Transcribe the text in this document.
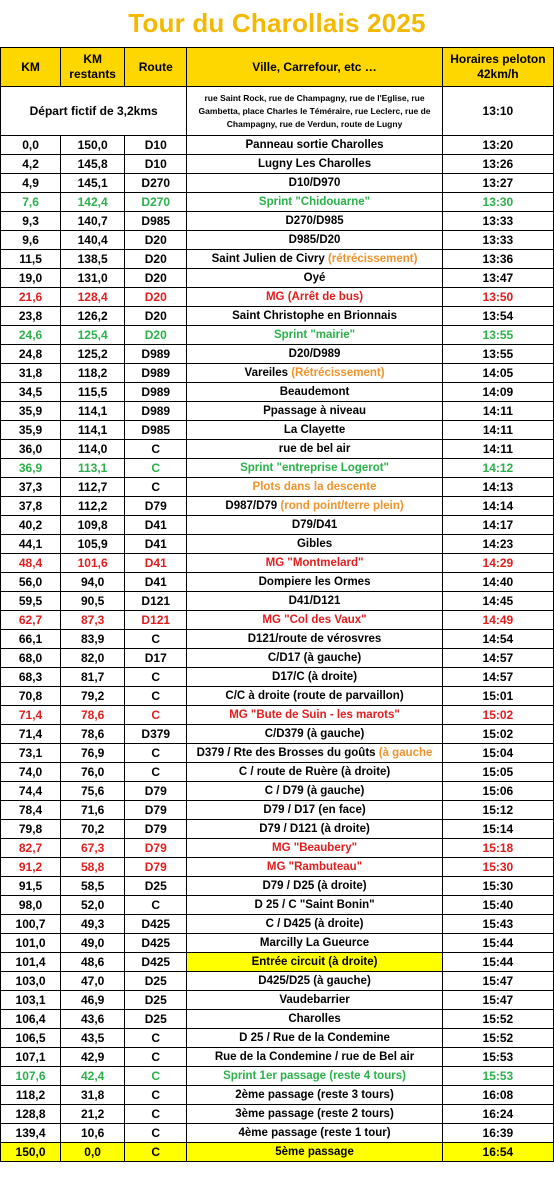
Tour du Charollais 2025
KM	KM restants	Route	Ville, Carrefour, etc …	Horaires peloton 42km/h
Départ fictif de 3,2kms			rue Saint Rock, rue de Champagny, rue de l'Eglise, rue Gambetta, place Charles le Téméraire, rue Leclerc, rue de Champagny, rue de Verdun, route de Lugny	13:10
0,0	150,0	D10	Panneau sortie Charolles	13:20
4,2	145,8	D10	Lugny Les Charolles	13:26
4,9	145,1	D270	D10/D970	13:27
7,6	142,4	D270	Sprint "Chidouarne"	13:30
9,3	140,7	D985	D270/D985	13:33
9,6	140,4	D20	D985/D20	13:33
11,5	138,5	D20	Saint Julien de Civry (rétrécissement)	13:36
19,0	131,0	D20	Oyé	13:47
21,6	128,4	D20	MG (Arrêt de bus)	13:50
23,8	126,2	D20	Saint Christophe en Brionnais	13:54
24,6	125,4	D20	Sprint "mairie"	13:55
24,8	125,2	D989	D20/D989	13:55
31,8	118,2	D989	Vareiles (Rétrécissement)	14:05
34,5	115,5	D989	Beaudemont	14:09
35,9	114,1	D989	Ppassage à niveau	14:11
35,9	114,1	D985	La Clayette	14:11
36,0	114,0	C	rue de bel air	14:11
36,9	113,1	C	Sprint "entreprise Logerot"	14:12
37,3	112,7	C	Plots dans la descente	14:13
37,8	112,2	D79	D987/D79 (rond point/terre plein)	14:14
40,2	109,8	D41	D79/D41	14:17
44,1	105,9	D41	Gibles	14:23
48,4	101,6	D41	MG "Montmelard"	14:29
56,0	94,0	D41	Dompiere les Ormes	14:40
59,5	90,5	D121	D41/D121	14:45
62,7	87,3	D121	MG "Col des Vaux"	14:49
66,1	83,9	C	D121/route de vérosvres	14:54
68,0	82,0	D17	C/D17 (à gauche)	14:57
68,3	81,7	C	D17/C (à droite)	14:57
70,8	79,2	C	C/C à droite (route de parvaillon)	15:01
71,4	78,6	C	MG "Bute de Suin - les marots"	15:02
71,4	78,6	D379	C/D379 (à gauche)	15:02
73,1	76,9	C	D379 / Rte des Brosses du goûts (à gauche	15:04
74,0	76,0	C	C / route de Ruère (à droite)	15:05
74,4	75,6	D79	C / D79 (à gauche)	15:06
78,4	71,6	D79	D79 / D17 (en face)	15:12
79,8	70,2	D79	D79 / D121 (à droite)	15:14
82,7	67,3	D79	MG "Beaubery"	15:18
91,2	58,8	D79	MG "Rambuteau"	15:30
91,5	58,5	D25	D79 / D25 (à droite)	15:30
98,0	52,0	C	D 25 / C "Saint Bonin"	15:40
100,7	49,3	D425	C / D425 (à droite)	15:43
101,0	49,0	D425	Marcilly La Gueurce	15:44
101,4	48,6	D425	Entrée circuit (à droite)	15:44
103,0	47,0	D25	D425/D25 (à gauche)	15:47
103,1	46,9	D25	Vaudebarrier	15:47
106,4	43,6	D25	Charolles	15:52
106,5	43,5	C	D 25 / Rue de la Condemine	15:52
107,1	42,9	C	Rue de la Condemine / rue de Bel air	15:53
107,6	42,4	C	Sprint 1er passage (reste 4 tours)	15:53
118,2	31,8	C	2ème passage (reste 3 tours)	16:08
128,8	21,2	C	3ème passage (reste 2 tours)	16:24
139,4	10,6	C	4ème passage (reste 1 tour)	16:39
150,0	0,0	C	5ème passage	16:54
